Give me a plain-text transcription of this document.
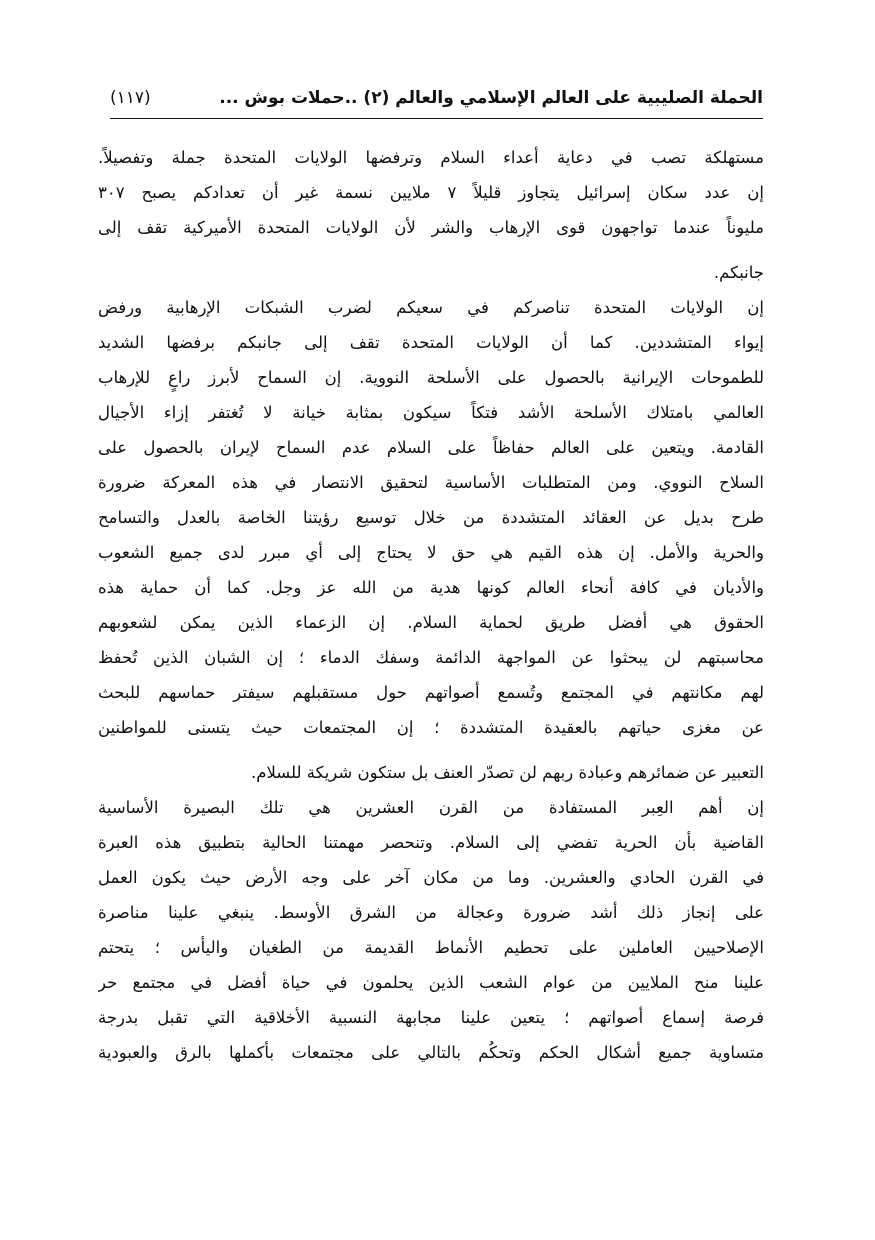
الحملة الصليبية على العالم الإسلامي والعالم (٢) ..حملات بوش ...
(١١٧)
مستهلكة تصب في دعاية أعداء السلام وترفضها الولايات المتحدة جملة وتفصيلاً.
إن عدد سكان إسرائيل يتجاوز قليلاً ٧ ملايين نسمة غير أن تعدادكم يصبح ٣٠٧
مليوناً عندما تواجهون قوى الإرهاب والشر لأن الولايات المتحدة الأميركية تقف إلى
جانبكم.
إن الولايات المتحدة تناصركم في سعيكم لضرب الشبكات الإرهابية ورفض
إيواء المتشددين. كما أن الولايات المتحدة تقف إلى جانبكم برفضها الشديد
للطموحات الإيرانية بالحصول على الأسلحة النووية. إن السماح لأبرز راعٍ للإرهاب
العالمي بامتلاك الأسلحة الأشد فتكاً سيكون بمثابة خيانة لا تُغتفر إزاء الأجيال
القادمة. ويتعين على العالم حفاظاً على السلام عدم السماح لإيران بالحصول على
السلاح النووي. ومن المتطلبات الأساسية لتحقيق الانتصار في هذه المعركة ضرورة
طرح بديل عن العقائد المتشددة من خلال توسيع رؤيتنا الخاصة بالعدل والتسامح
والحرية والأمل. إن هذه القيم هي حق لا يحتاج إلى أي مبرر لدى جميع الشعوب
والأديان في كافة أنحاء العالم كونها هدية من الله عز وجل. كما أن حماية هذه
الحقوق هي أفضل طريق لحماية السلام. إن الزعماء الذين يمكن لشعوبهم
محاسبتهم لن يبحثوا عن المواجهة الدائمة وسفك الدماء ؛ إن الشبان الذين تُحفظ
لهم مكانتهم في المجتمع وتُسمع أصواتهم حول مستقبلهم سيفتر حماسهم للبحث
عن مغزى حياتهم بالعقيدة المتشددة ؛ إن المجتمعات حيث يتسنى للمواطنين
التعبير عن ضمائرهم وعبادة ربهم لن تصدّر العنف بل ستكون شريكة للسلام.
إن أهم العِبر المستفادة من القرن العشرين هي تلك البصيرة الأساسية
القاضية بأن الحرية تفضي إلى السلام. وتنحصر مهمتنا الحالية بتطبيق هذه العبرة
في القرن الحادي والعشرين. وما من مكان آخر على وجه الأرض حيث يكون العمل
على إنجاز ذلك أشد ضرورة وعجالة من الشرق الأوسط. ينبغي علينا مناصرة
الإصلاحيين العاملين على تحطيم الأنماط القديمة من الطغيان واليأس ؛ يتحتم
علينا منح الملايين من عوام الشعب الذين يحلمون في حياة أفضل في مجتمع حر
فرصة إسماع أصواتهم ؛ يتعين علينا مجابهة النسبية الأخلاقية التي تقبل بدرجة
متساوية جميع أشكال الحكم وتحكُم بالتالي على مجتمعات بأكملها بالرق والعبودية
